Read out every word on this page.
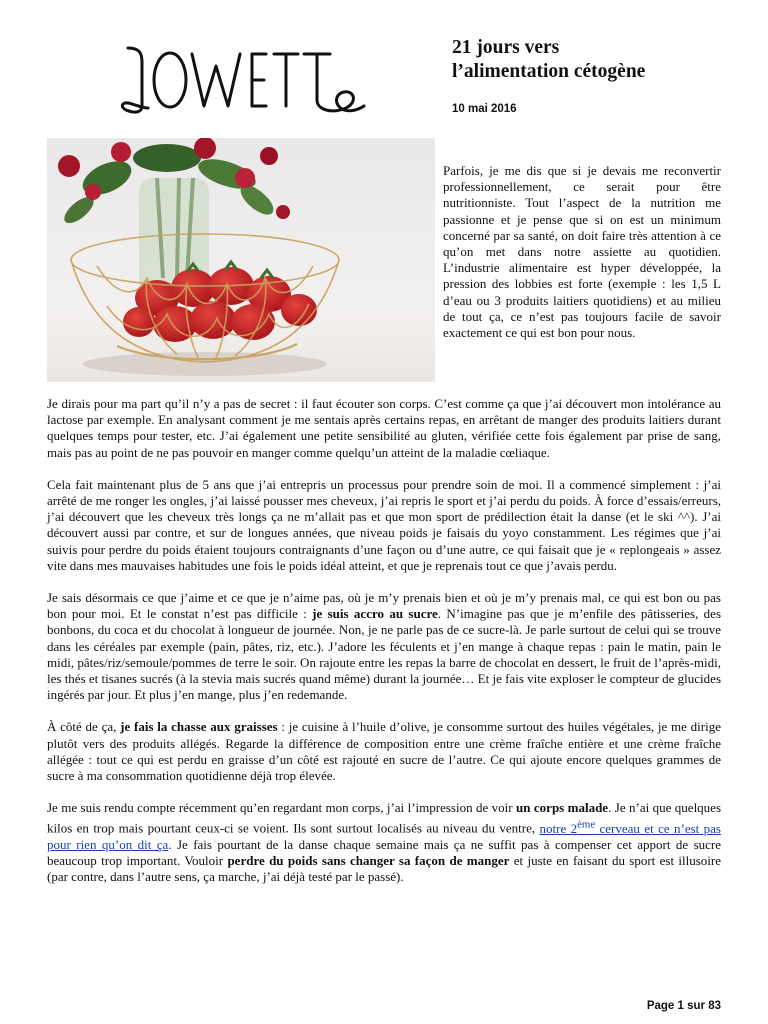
21 jours vers
l’alimentation cétogène
10 mai 2016
Parfois, je me dis que si je devais me reconvertir professionnellement, ce serait pour être nutritionniste. Tout l’aspect de la nutrition me passionne et je pense que si on est un minimum concerné par sa santé, on doit faire très attention à ce qu’on met dans notre assiette au quotidien. L’industrie alimentaire est hyper développée, la pression des lobbies est forte (exemple : les 1,5 L d’eau ou 3 produits laitiers quotidiens) et au milieu de tout ça, ce n’est pas toujours facile de savoir exactement ce qui est bon pour nous.

Je dirais pour ma part qu’il n’y a pas de secret : il faut écouter son corps. C’est comme ça que j’ai découvert mon intolérance au lactose par exemple. En analysant comment je me sentais après certains repas, en arrêtant de manger des produits laitiers durant quelques temps pour tester, etc. J’ai également une petite sensibilité au gluten, vérifiée cette fois également par prise de sang, mais pas au point de ne pas pouvoir en manger comme quelqu’un atteint de la maladie cœliaque.

Cela fait maintenant plus de 5 ans que j’ai entrepris un processus pour prendre soin de moi. Il a commencé simplement : j’ai arrêté de me ronger les ongles, j’ai laissé pousser mes cheveux, j’ai repris le sport et j’ai perdu du poids. À force d’essais/erreurs, j’ai découvert que les cheveux très longs ça ne m’allait pas et que mon sport de prédilection était la danse (et le ski ^^). J’ai découvert aussi par contre, et sur de longues années, que niveau poids je faisais du yoyo constamment. Les régimes que j’ai suivis pour perdre du poids étaient toujours contraignants d’une façon ou d’une autre, ce qui faisait que je « replongeais » assez vite dans mes mauvaises habitudes une fois le poids idéal atteint, et que je reprenais tout ce que j’avais perdu.

Je sais désormais ce que j’aime et ce que je n’aime pas, où je m’y prenais bien et où je m’y prenais mal, ce qui est bon ou pas bon pour moi. Et le constat n’est pas difficile : je suis accro au sucre. N’imagine pas que je m’enfile des pâtisseries, des bonbons, du coca et du chocolat à longueur de journée. Non, je ne parle pas de ce sucre-là. Je parle surtout de celui qui se trouve dans les céréales par exemple (pain, pâtes, riz, etc.). J’adore les féculents et j’en mange à chaque repas : pain le matin, pain le midi, pâtes/riz/semoule/pommes de terre le soir. On rajoute entre les repas la barre de chocolat en dessert, le fruit de l’après-midi, les thés et tisanes sucrés (à la stevia mais sucrés quand même) durant la journée… Et je fais vite exploser le compteur de glucides ingérés par jour. Et plus j’en mange, plus j’en redemande.

À côté de ça, je fais la chasse aux graisses : je cuisine à l’huile d’olive, je consomme surtout des huiles végétales, je me dirige plutôt vers des produits allégés. Regarde la différence de composition entre une crème fraîche entière et une crème fraîche allégée : tout ce qui est perdu en graisse d’un côté est rajouté en sucre de l’autre. Ce qui ajoute encore quelques grammes de sucre à ma consommation quotidienne déjà trop élevée.

Je me suis rendu compte récemment qu’en regardant mon corps, j’ai l’impression de voir un corps malade. Je n’ai que quelques kilos en trop mais pourtant ceux-ci se voient. Ils sont surtout localisés au niveau du ventre, notre 2ème cerveau et ce n’est pas pour rien qu’on dit ça. Je fais pourtant de la danse chaque semaine mais ça ne suffit pas à compenser cet apport de sucre beaucoup trop important. Vouloir perdre du poids sans changer sa façon de manger et juste en faisant du sport est illusoire (par contre, dans l’autre sens, ça marche, j’ai déjà testé par le passé).

Page 1 sur 83
